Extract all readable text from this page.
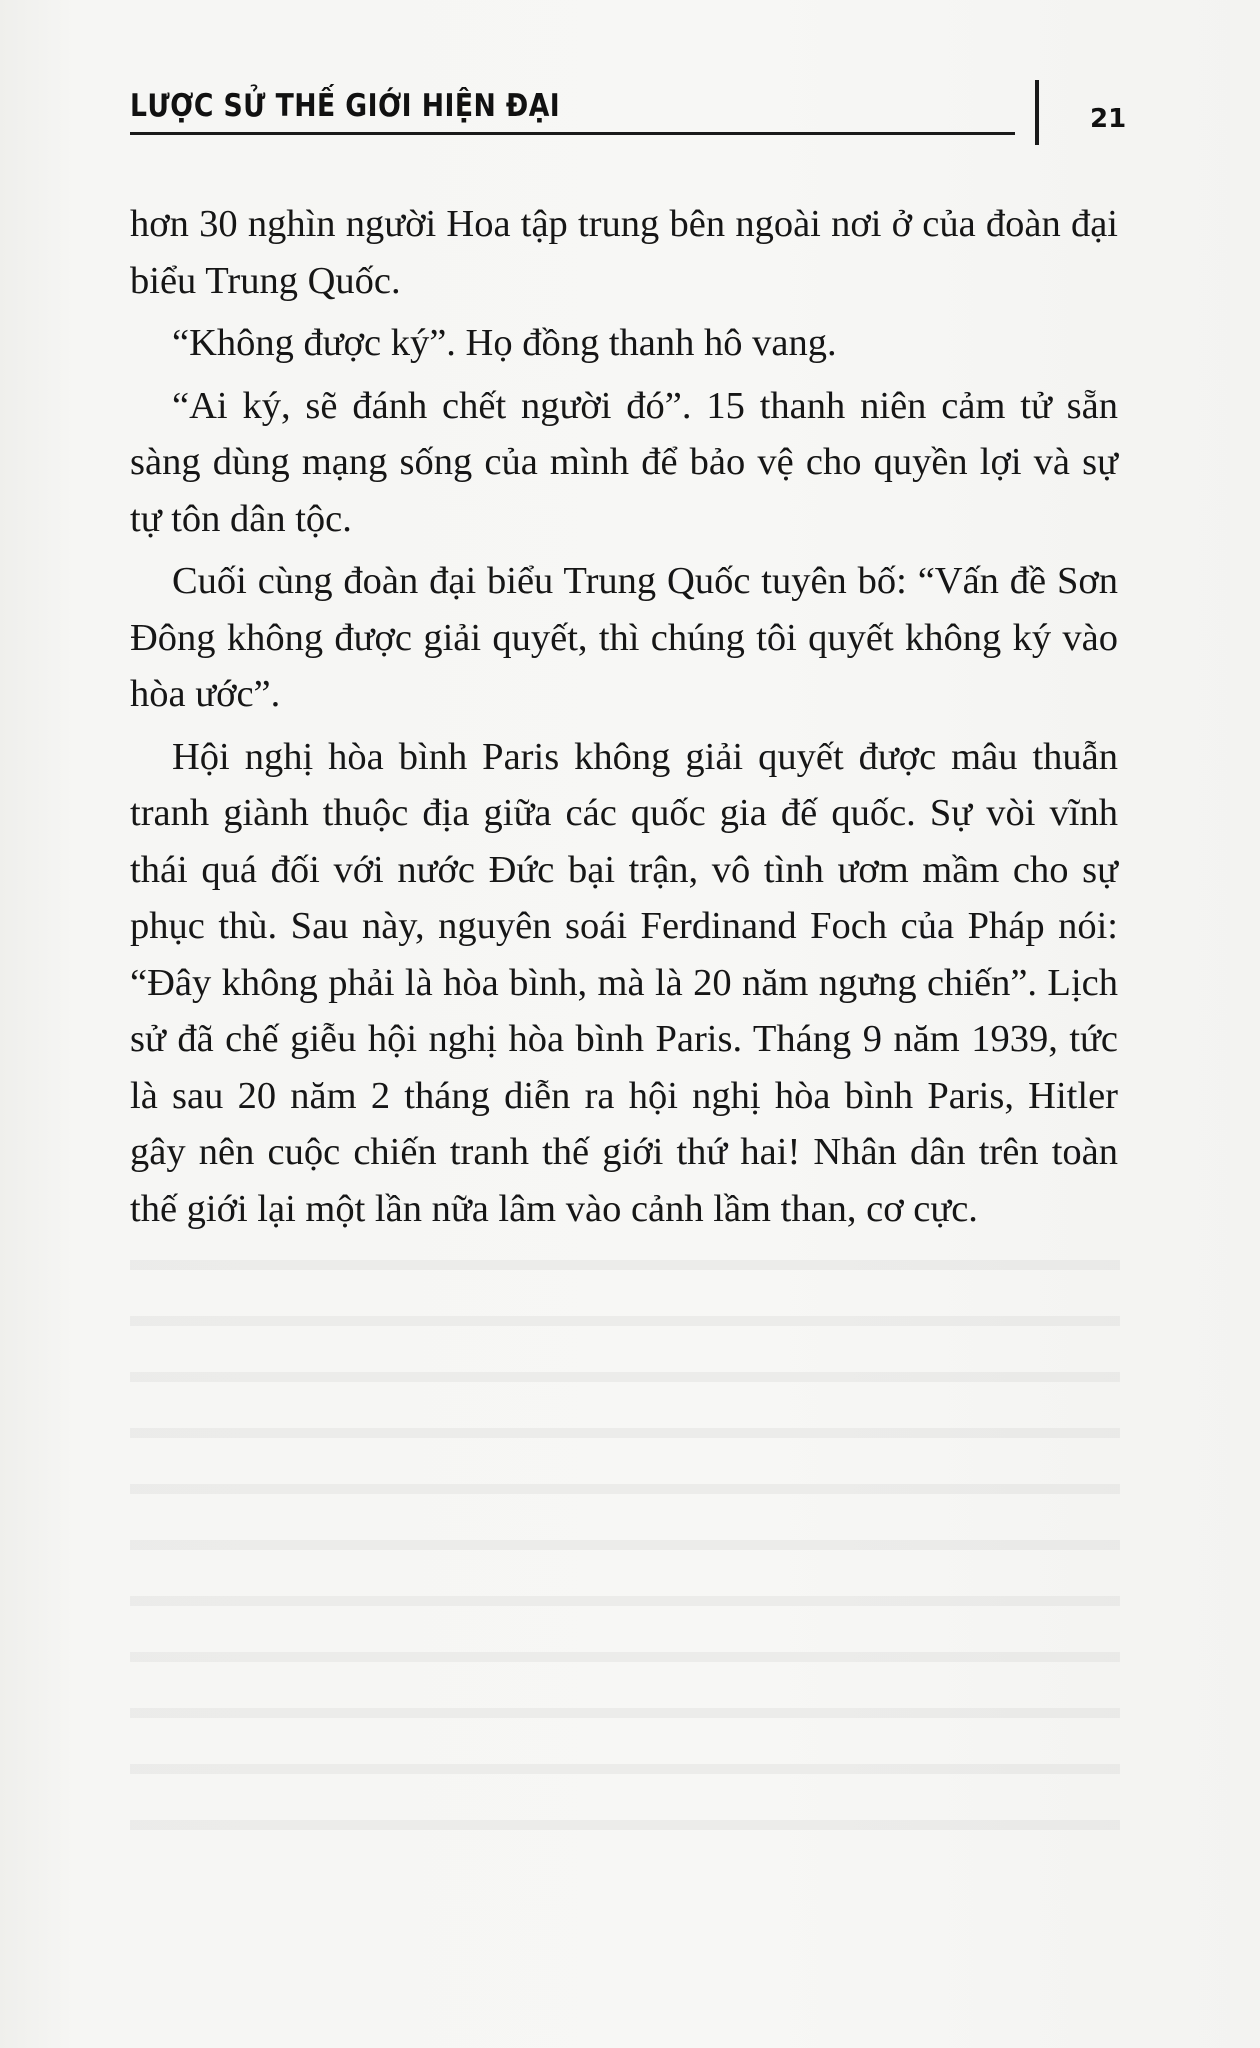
LƯỢC SỬ THẾ GIỚI HIỆN ĐẠI	21

hơn 30 nghìn người Hoa tập trung bên ngoài nơi ở của đoàn đại biểu Trung Quốc.

“Không được ký”. Họ đồng thanh hô vang.

“Ai ký, sẽ đánh chết người đó”. 15 thanh niên cảm tử sẵn sàng dùng mạng sống của mình để bảo vệ cho quyền lợi và sự tự tôn dân tộc.

Cuối cùng đoàn đại biểu Trung Quốc tuyên bố: “Vấn đề Sơn Đông không được giải quyết, thì chúng tôi quyết không ký vào hòa ước”.

Hội nghị hòa bình Paris không giải quyết được mâu thuẫn tranh giành thuộc địa giữa các quốc gia đế quốc. Sự vòi vĩnh thái quá đối với nước Đức bại trận, vô tình ươm mầm cho sự phục thù. Sau này, nguyên soái Ferdinand Foch của Pháp nói: “Đây không phải là hòa bình, mà là 20 năm ngưng chiến”. Lịch sử đã chế giễu hội nghị hòa bình Paris. Tháng 9 năm 1939, tức là sau 20 năm 2 tháng diễn ra hội nghị hòa bình Paris, Hitler gây nên cuộc chiến tranh thế giới thứ hai! Nhân dân trên toàn thế giới lại một lần nữa lâm vào cảnh lầm than, cơ cực.
